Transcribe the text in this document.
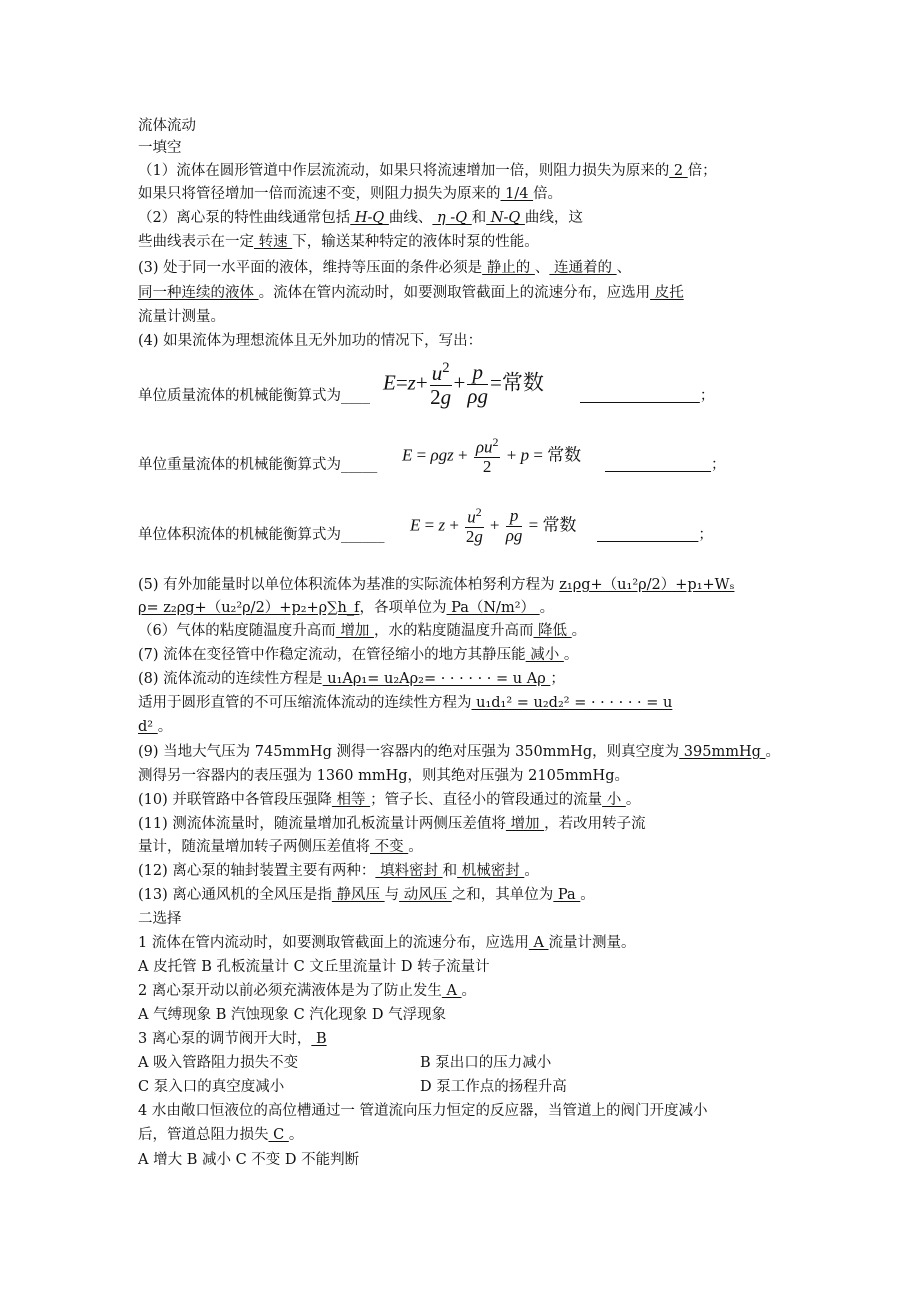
流体流动
一填空
（1）流体在圆形管道中作层流流动，如果只将流速增加一倍，则阻力损失为原来的 2 倍；
如果只将管径增加一倍而流速不变，则阻力损失为原来的 1/4 倍。
（2）离心泵的特性曲线通常包括 H-Q 曲线、 η -Q 和 N-Q 曲线，这
些曲线表示在一定 转速 下，输送某种特定的液体时泵的性能。
(3) 处于同一水平面的液体，维持等压面的条件必须是 静止的 、 连通着的 、
同一种连续的液体 。流体在管内流动时，如要测取管截面上的流速分布，应选用 皮托
流量计测量。
(4) 如果流体为理想流体且无外加功的情况下，写出：
单位质量流体的机械能衡算式为____
$E=z+ \frac{u^2}{2g} + \frac{p}{\rho g}$ =常数
；
单位重量流体的机械能衡算式为_____
$E = \rho gz + \frac{\rho u^2}{2} + p$ = 常数
；
单位体积流体的机械能衡算式为______
$E = z + \frac{u^2}{2g} + \frac{p}{\rho g}$ = 常数
；
(5) 有外加能量时以单位体积流体为基准的实际流体柏努利方程为 z₁ρg+（u₁²ρ/2）+p₁+Wₛ
ρ= z₂ρg+（u₂²ρ/2）+p₂+ρ∑h_f，各项单位为 Pa（N/m²） 。
（6）气体的粘度随温度升高而 增加 ，水的粘度随温度升高而 降低 。
(7) 流体在变径管中作稳定流动，在管径缩小的地方其静压能 减小 。
(8) 流体流动的连续性方程是 u₁Aρ₁= u₂Aρ₂= · · · · · · = u Aρ ；
适用于圆形直管的不可压缩流体流动的连续性方程为 u₁d₁² = u₂d₂² = · · · · · · = u
d² 。
(9) 当地大气压为 745mmHg 测得一容器内的绝对压强为 350mmHg，则真空度为 395mmHg 。
测得另一容器内的表压强为 1360 mmHg，则其绝对压强为 2105mmHg。
(10) 并联管路中各管段压强降 相等 ；管子长、直径小的管段通过的流量 小 。
(11) 测流体流量时，随流量增加孔板流量计两侧压差值将 增加 ，若改用转子流
量计，随流量增加转子两侧压差值将 不变 。
(12) 离心泵的轴封装置主要有两种： 填料密封 和 机械密封 。
(13) 离心通风机的全风压是指 静风压 与 动风压 之和，其单位为 Pa 。
二选择
1 流体在管内流动时，如要测取管截面上的流速分布，应选用 A 流量计测量。
A 皮托管 B 孔板流量计 C 文丘里流量计 D 转子流量计
2 离心泵开动以前必须充满液体是为了防止发生 A 。
A 气缚现象 B 汽蚀现象 C 汽化现象 D 气浮现象
3 离心泵的调节阀开大时， B
A 吸入管路阻力损失不变	B 泵出口的压力减小
C 泵入口的真空度减小	D 泵工作点的扬程升高
4 水由敞口恒液位的高位槽通过一 管道流向压力恒定的反应器，当管道上的阀门开度减小
后，管道总阻力损失 C 。
A 增大 B 减小 C 不变 D 不能判断
